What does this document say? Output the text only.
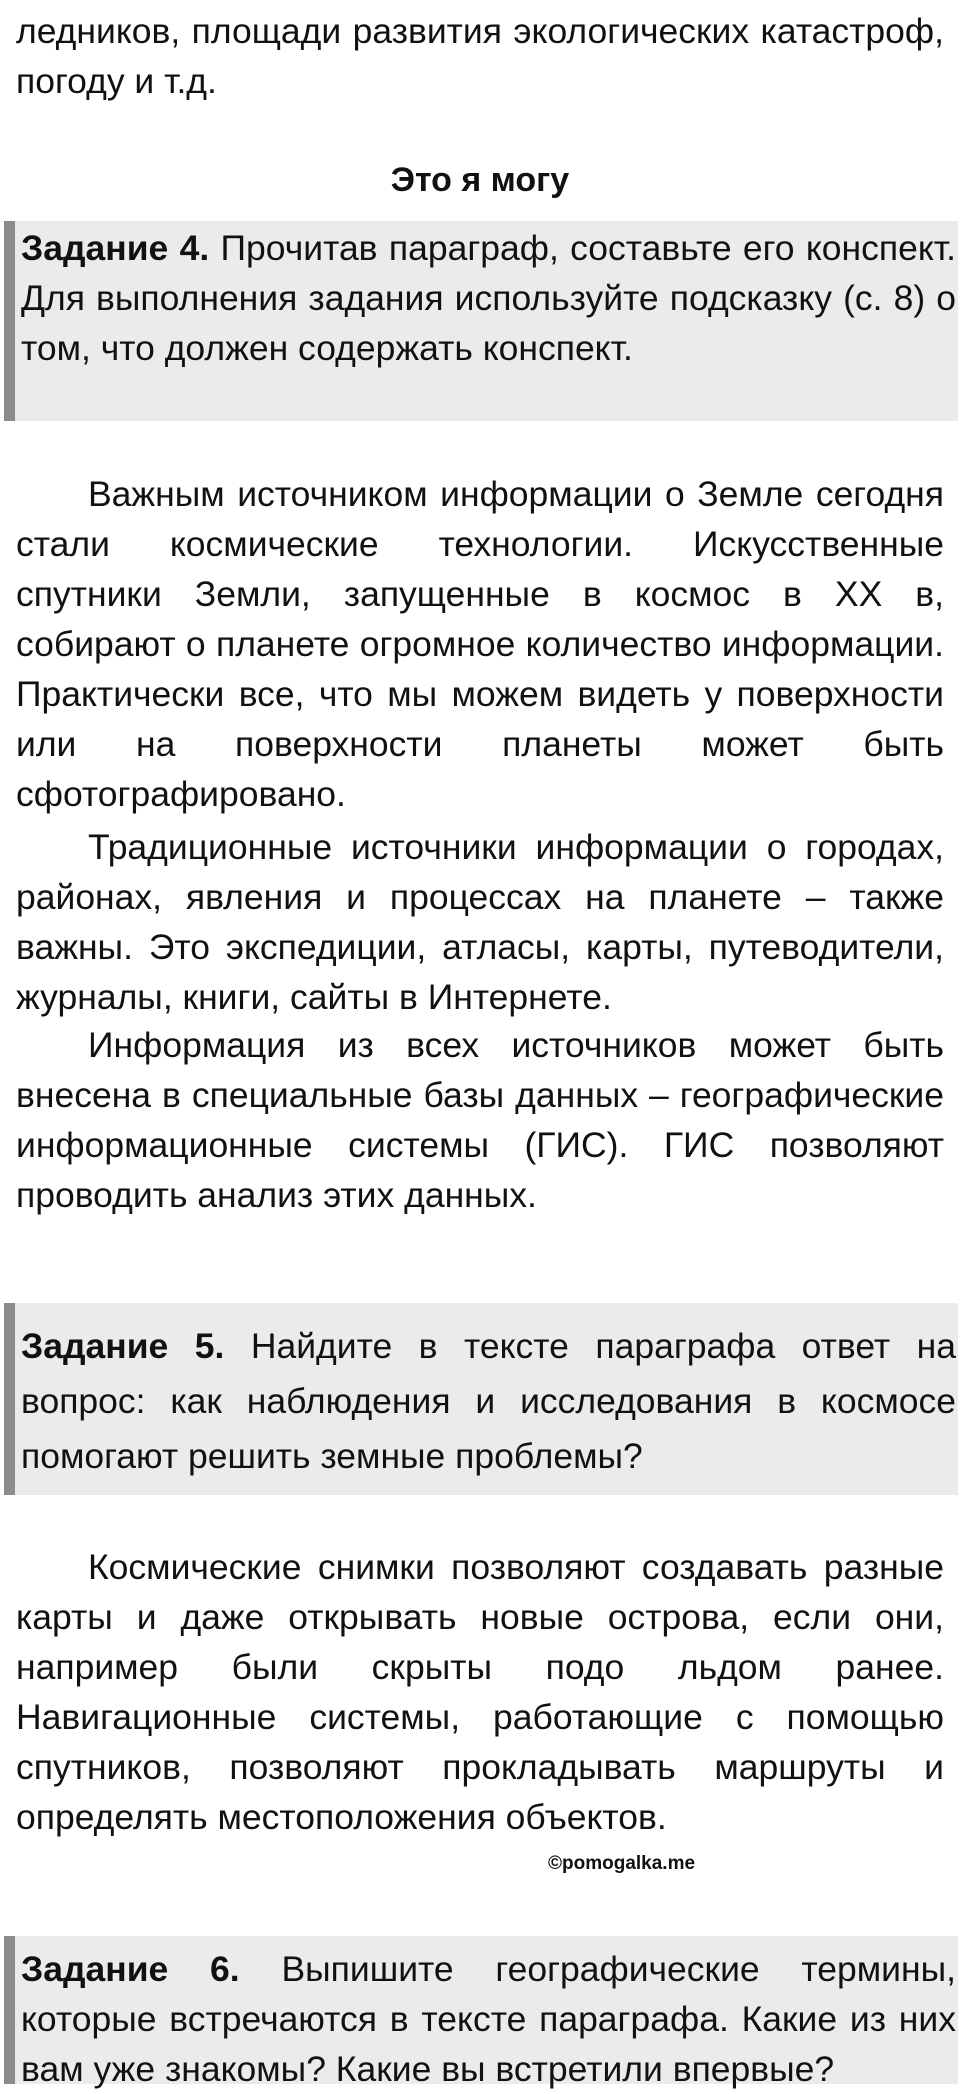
ледников, площади развития экологических катастроф, погоду и т.д.

Это я могу

Задание 4. Прочитав параграф, составьте его конспект. Для выполнения задания используйте подсказку (с. 8) о том, что должен содержать конспект.

Важным источником информации о Земле сегодня стали космические технологии. Искусственные спутники Земли, запущенные в космос в XX в, собирают о планете огромное количество информации. Практически все, что мы можем видеть у поверхности или на поверхности планеты может быть сфотографировано.

Традиционные источники информации о городах, районах, явления и процессах на планете – также важны. Это экспедиции, атласы, карты, путеводители, журналы, книги, сайты в Интернете.

Информация из всех источников может быть внесена в специальные базы данных – географические информационные системы (ГИС). ГИС позволяют проводить анализ этих данных.

Задание 5. Найдите в тексте параграфа ответ на вопрос: как наблюдения и исследования в космосе помогают решить земные проблемы?

Космические снимки позволяют создавать разные карты и даже открывать новые острова, если они, например были скрыты подо льдом ранее. Навигационные системы, работающие с помощью спутников, позволяют прокладывать маршруты и определять местоположения объектов.

©pomogalka.me

Задание 6. Выпишите географические термины, которые встречаются в тексте параграфа. Какие из них вам уже знакомы? Какие вы встретили впервые?
